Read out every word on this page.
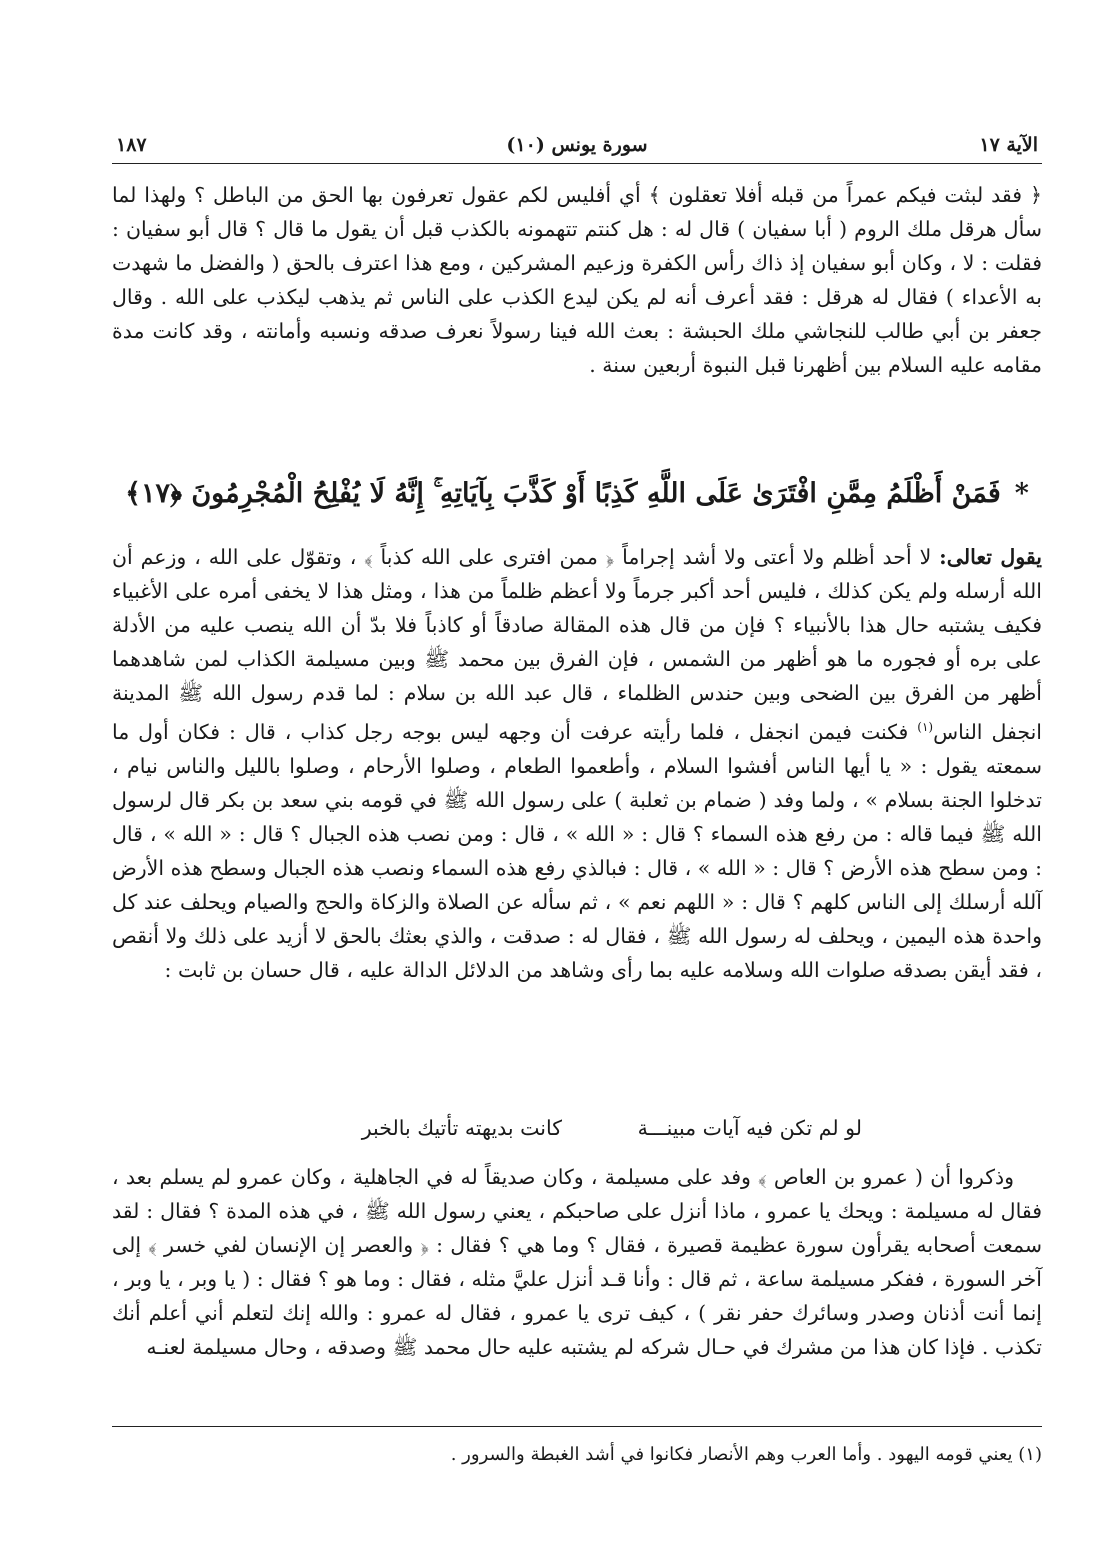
١٨٧	(١٠) سورة يونس	الآية ١٧
﴿ فقد لبثت فيكم عمراً من قبله أفلا تعقلون ﴾ أي أفليس لكم عقول تعرفون بها الحق من الباطل ؟ ولهذا لما سأل هرقل ملك الروم ( أبا سفيان ) قال له : هل كنتم تتهمونه بالكذب قبل أن يقول ما قال ؟ قال أبو سفيان : فقلت : لا ، وكان أبو سفيان إذ ذاك رأس الكفرة وزعيم المشركين ، ومع هذا اعترف بالحق ( والفضل ما شهدت به الأعداء ) فقال له هرقل : فقد أعرف أنه لم يكن ليدع الكذب على الناس ثم يذهب ليكذب على الله . وقال جعفر بن أبي طالب للنجاشي ملك الحبشة : بعث الله فينا رسولاً نعرف صدقه ونسبه وأمانته ، وقد كانت مدة مقامه عليه السلام بين أظهرنا قبل النبوة أربعين سنة .
*فَمَنْ أَظْلَمُ مِمَّنِ افْتَرَىٰ عَلَى اللَّهِ كَذِبًا أَوْ كَذَّبَ بِآيَاتِهِ ۚ إِنَّهُ لَا يُفْلِحُ الْمُجْرِمُونَ ﴿١٧﴾
يقول تعالى: لا أحد أظلم ولا أعتى ولا أشد إجراماً ﴿ ممن افترى على الله كذباً ﴾ ، وتقوّل على الله ، وزعم أن الله أرسله ولم يكن كذلك ، فليس أحد أكبر جرماً ولا أعظم ظلماً من هذا ، ومثل هذا لا يخفى أمره على الأغبياء فكيف يشتبه حال هذا بالأنبياء ؟ فإن من قال هذه المقالة صادقاً أو كاذباً فلا بدّ أن الله ينصب عليه من الأدلة على بره أو فجوره ما هو أظهر من الشمس ، فإن الفرق بين محمد ﷺ وبين مسيلمة الكذاب لمن شاهدهما أظهر من الفرق بين الضحى وبين حندس الظلماء ، قال عبد الله بن سلام : لما قدم رسول الله ﷺ المدينة انجفل الناس$^{(١)}$ فكنت فيمن انجفل ، فلما رأيته عرفت أن وجهه ليس بوجه رجل كذاب ، قال : فكان أول ما سمعته يقول : « يا أيها الناس أفشوا السلام ، وأطعموا الطعام ، وصلوا الأرحام ، وصلوا بالليل والناس نيام ، تدخلوا الجنة بسلام » ، ولما وفد ( ضمام بن ثعلبة ) على رسول الله ﷺ في قومه بني سعد بن بكر قال لرسول الله ﷺ فيما قاله : من رفع هذه السماء ؟ قال : « الله » ، قال : ومن نصب هذه الجبال ؟ قال : « الله » ، قال : ومن سطح هذه الأرض ؟ قال : « الله » ، قال : فبالذي رفع هذه السماء ونصب هذه الجبال وسطح هذه الأرض آلله أرسلك إلى الناس كلهم ؟ قال : « اللهم نعم » ، ثم سأله عن الصلاة والزكاة والحج والصيام ويحلف عند كل واحدة هذه اليمين ، ويحلف له رسول الله ﷺ ، فقال له : صدقت ، والذي بعثك بالحق لا أزيد على ذلك ولا أنقص ، فقد أيقن بصدقه صلوات الله وسلامه عليه بما رأى وشاهد من الدلائل الدالة عليه ، قال حسان بن ثابت :
لو لم تكن فيه آيات مبينـــة
كانت بديهته تأتيك بالخبر
وذكروا أن ( عمرو بن العاص ﴾ وفد على مسيلمة ، وكان صديقاً له في الجاهلية ، وكان عمرو لم يسلم بعد ، فقال له مسيلمة : ويحك يا عمرو ، ماذا أنزل على صاحبكم ، يعني رسول الله ﷺ ، في هذه المدة ؟ فقال : لقد سمعت أصحابه يقرأون سورة عظيمة قصيرة ، فقال ؟ وما هي ؟ فقال : ﴿ والعصر إن الإنسان لفي خسر ﴾ إلى آخر السورة ، ففكر مسيلمة ساعة ، ثم قال : وأنا قـد أنزل عليَّ مثله ، فقال : وما هو ؟ فقال : ( يا وبر ، يا وبر ، إنما أنت أذنان وصدر وسائرك حفر نقر ) ، كيف ترى يا عمرو ، فقال له عمرو : والله إنك لتعلم أني أعلم أنك تكذب . فإذا كان هذا من مشرك في حـال شركه لم يشتبه عليه حال محمد ﷺ وصدقه ، وحال مسيلمة لعنـه
(١) يعني قومه اليهود . وأما العرب وهم الأنصار فكانوا في أشد الغبطة والسرور .
